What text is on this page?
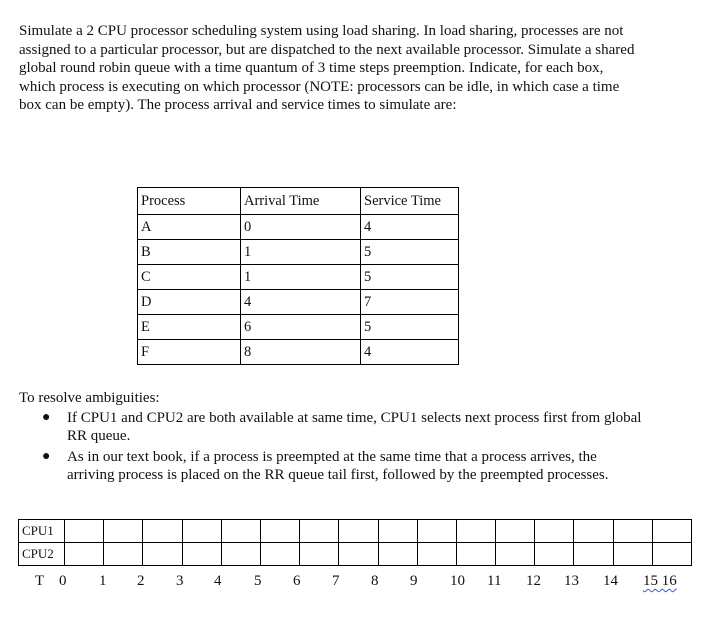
Simulate a 2 CPU processor scheduling system using load sharing. In load sharing, processes are not
assigned to a particular processor, but are dispatched to the next available processor. Simulate a shared
global round robin queue with a time quantum of 3 time steps preemption. Indicate, for each box,
which process is executing on which processor (NOTE: processors can be idle, in which case a time
box can be empty). The process arrival and service times to simulate are:
Process	Arrival Time	Service Time
A	0	4
B	1	5
C	1	5
D	4	7
E	6	5
F	8	4
To resolve ambiguities:
● If CPU1 and CPU2 are both available at same time, CPU1 selects next process first from global
RR queue.
● As in our text book, if a process is preempted at the same time that a process arrives, the
arriving process is placed on the RR queue tail first, followed by the preempted processes.
CPU1																
CPU2																
T 0 1 2 3 4 5 6 7 8 9 10 11 12 13 14 15 16
